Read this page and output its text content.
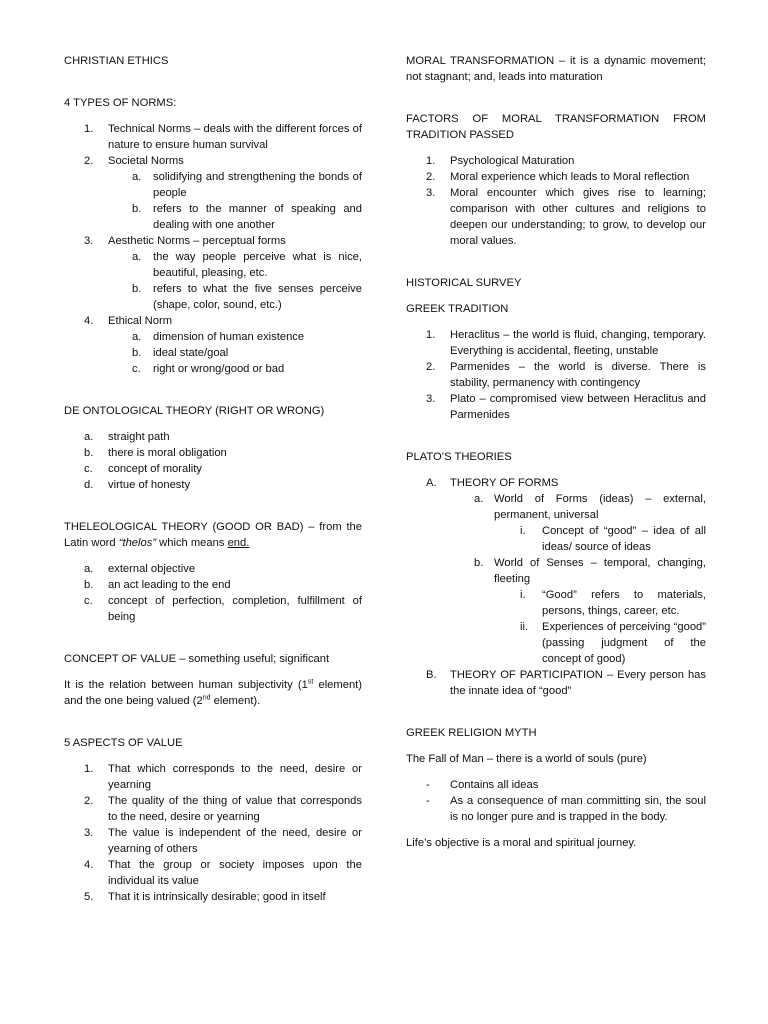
CHRISTIAN ETHICS

4 TYPES OF NORMS:

1.	Technical Norms – deals with the different forces of nature to ensure human survival
2.	Societal Norms
a.	solidifying and strengthening the bonds of people
b.	refers to the manner of speaking and dealing with one another
3.	Aesthetic Norms – perceptual forms
a.	the way people perceive what is nice, beautiful, pleasing, etc.
b.	refers to what the five senses perceive (shape, color, sound, etc.)
4.	Ethical Norm
a.	dimension of human existence
b.	ideal state/goal
c.	right or wrong/good or bad

DE ONTOLOGICAL THEORY (RIGHT OR WRONG)

a.	straight path
b.	there is moral obligation
c.	concept of morality
d.	virtue of honesty

THELEOLOGICAL THEORY (GOOD OR BAD) – from the Latin word “thelos” which means end.

a.	external objective
b.	an act leading to the end
c.	concept of perfection, completion, fulfillment of being

CONCEPT OF VALUE – something useful; significant

It is the relation between human subjectivity (1st element) and the one being valued (2nd element).

5 ASPECTS OF VALUE

1.	That which corresponds to the need, desire or yearning
2.	The quality of the thing of value that corresponds to the need, desire or yearning
3.	The value is independent of the need, desire or yearning of others
4.	That the group or society imposes upon the individual its value
5.	That it is intrinsically desirable; good in itself

MORAL TRANSFORMATION – it is a dynamic movement; not stagnant; and, leads into maturation

FACTORS OF MORAL TRANSFORMATION FROM TRADITION PASSED

1.	Psychological Maturation
2.	Moral experience which leads to Moral reflection
3.	Moral encounter which gives rise to learning; comparison with other cultures and religions to deepen our understanding; to grow, to develop our moral values.

HISTORICAL SURVEY

GREEK TRADITION

1.	Heraclitus – the world is fluid, changing, temporary. Everything is accidental, fleeting, unstable
2.	Parmenides – the world is diverse. There is stability, permanency with contingency
3.	Plato – compromised view between Heraclitus and Parmenides

PLATO’S THEORIES

A.	THEORY OF FORMS
a. World of Forms (ideas) – external, permanent, universal
i.	Concept of “good” – idea of all ideas/ source of ideas
b. World of Senses – temporal, changing, fleeting
i.	“Good” refers to materials, persons, things, career, etc.
ii.	Experiences of perceiving “good” (passing judgment of the concept of good)
B.	THEORY OF PARTICIPATION – Every person has the innate idea of “good”

GREEK RELIGION MYTH

The Fall of Man – there is a world of souls (pure)

-	Contains all ideas
-	As a consequence of man committing sin, the soul is no longer pure and is trapped in the body.

Life’s objective is a moral and spiritual journey.
